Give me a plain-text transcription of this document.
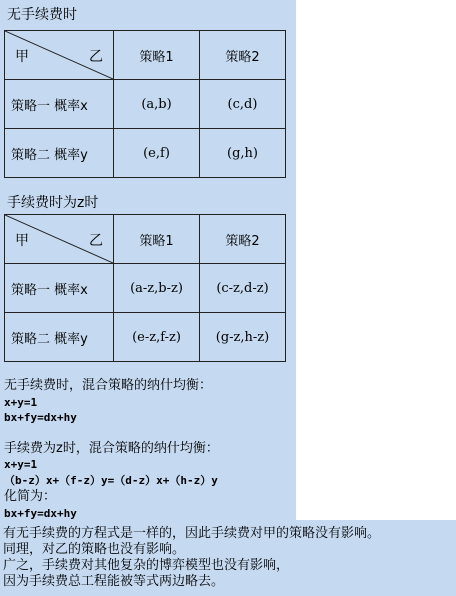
无手续费时
甲 乙	策略1	策略2
策略一 概率x	(a,b)	(c,d)
策略二 概率y	(e,f)	(g,h)
手续费时为z时
甲 乙	策略1	策略2
策略一 概率x	(a-z,b-z)	(c-z,d-z)
策略二 概率y	(e-z,f-z)	(g-z,h-z)
无手续费时，混合策略的纳什均衡：
x+y=1
bx+fy=dx+hy
手续费为z时，混合策略的纳什均衡：
x+y=1
（b-z）x+（f-z）y=（d-z）x+（h-z）y
化简为：
bx+fy=dx+hy
有无手续费的方程式是一样的，因此手续费对甲的策略没有影响。
同理，对乙的策略也没有影响。
广之，手续费对其他复杂的博弈模型也没有影响，
因为手续费总工程能被等式两边略去。
